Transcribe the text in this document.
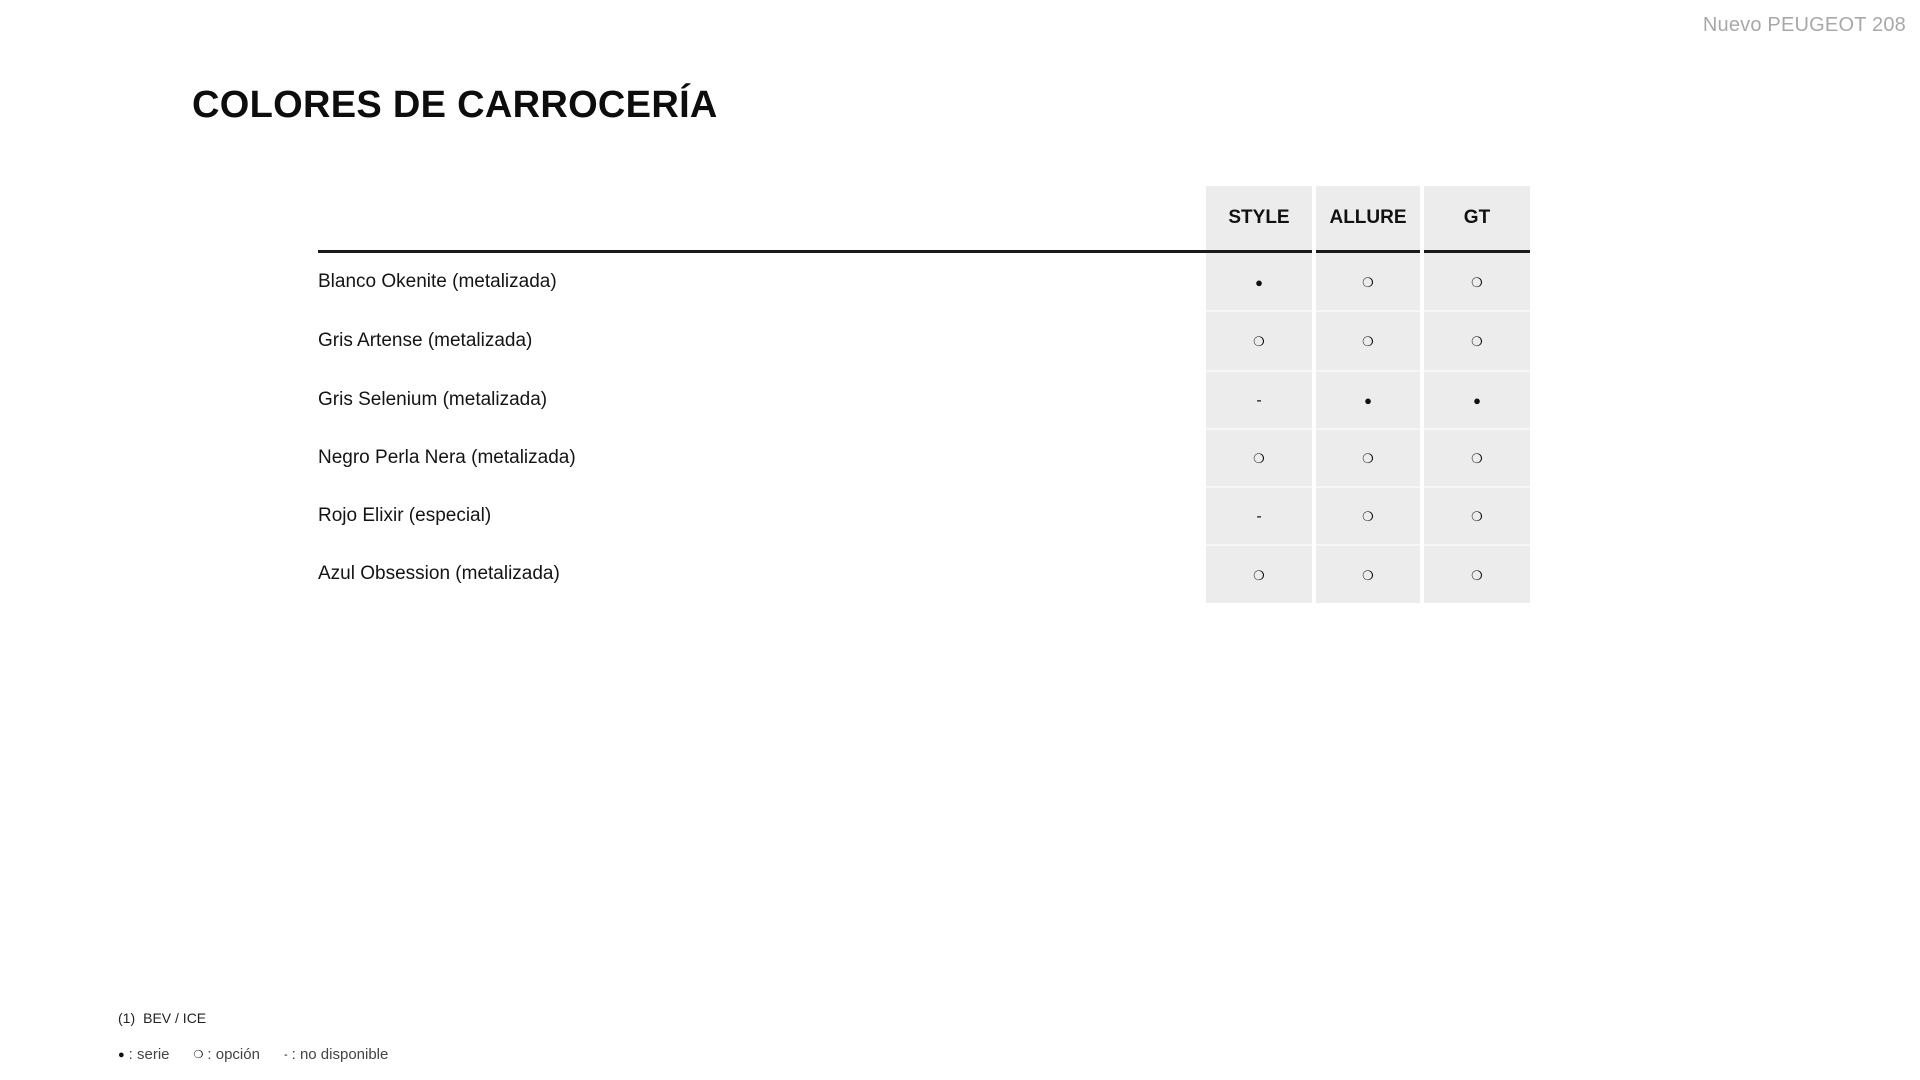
Nuevo PEUGEOT 208
COLORES DE CARROCERÍA
	STYLE	ALLURE	GT
Blanco Okenite (metalizada)	●	❍	❍
Gris Artense (metalizada)	❍	❍	❍
Gris Selenium (metalizada)	-	●	●
Negro Perla Nera (metalizada)	❍	❍	❍
Rojo Elixir (especial)	-	❍	❍
Azul Obsession (metalizada)	❍	❍	❍
(1) BEV / ICE
● : serie ❍ : opción - : no disponible
